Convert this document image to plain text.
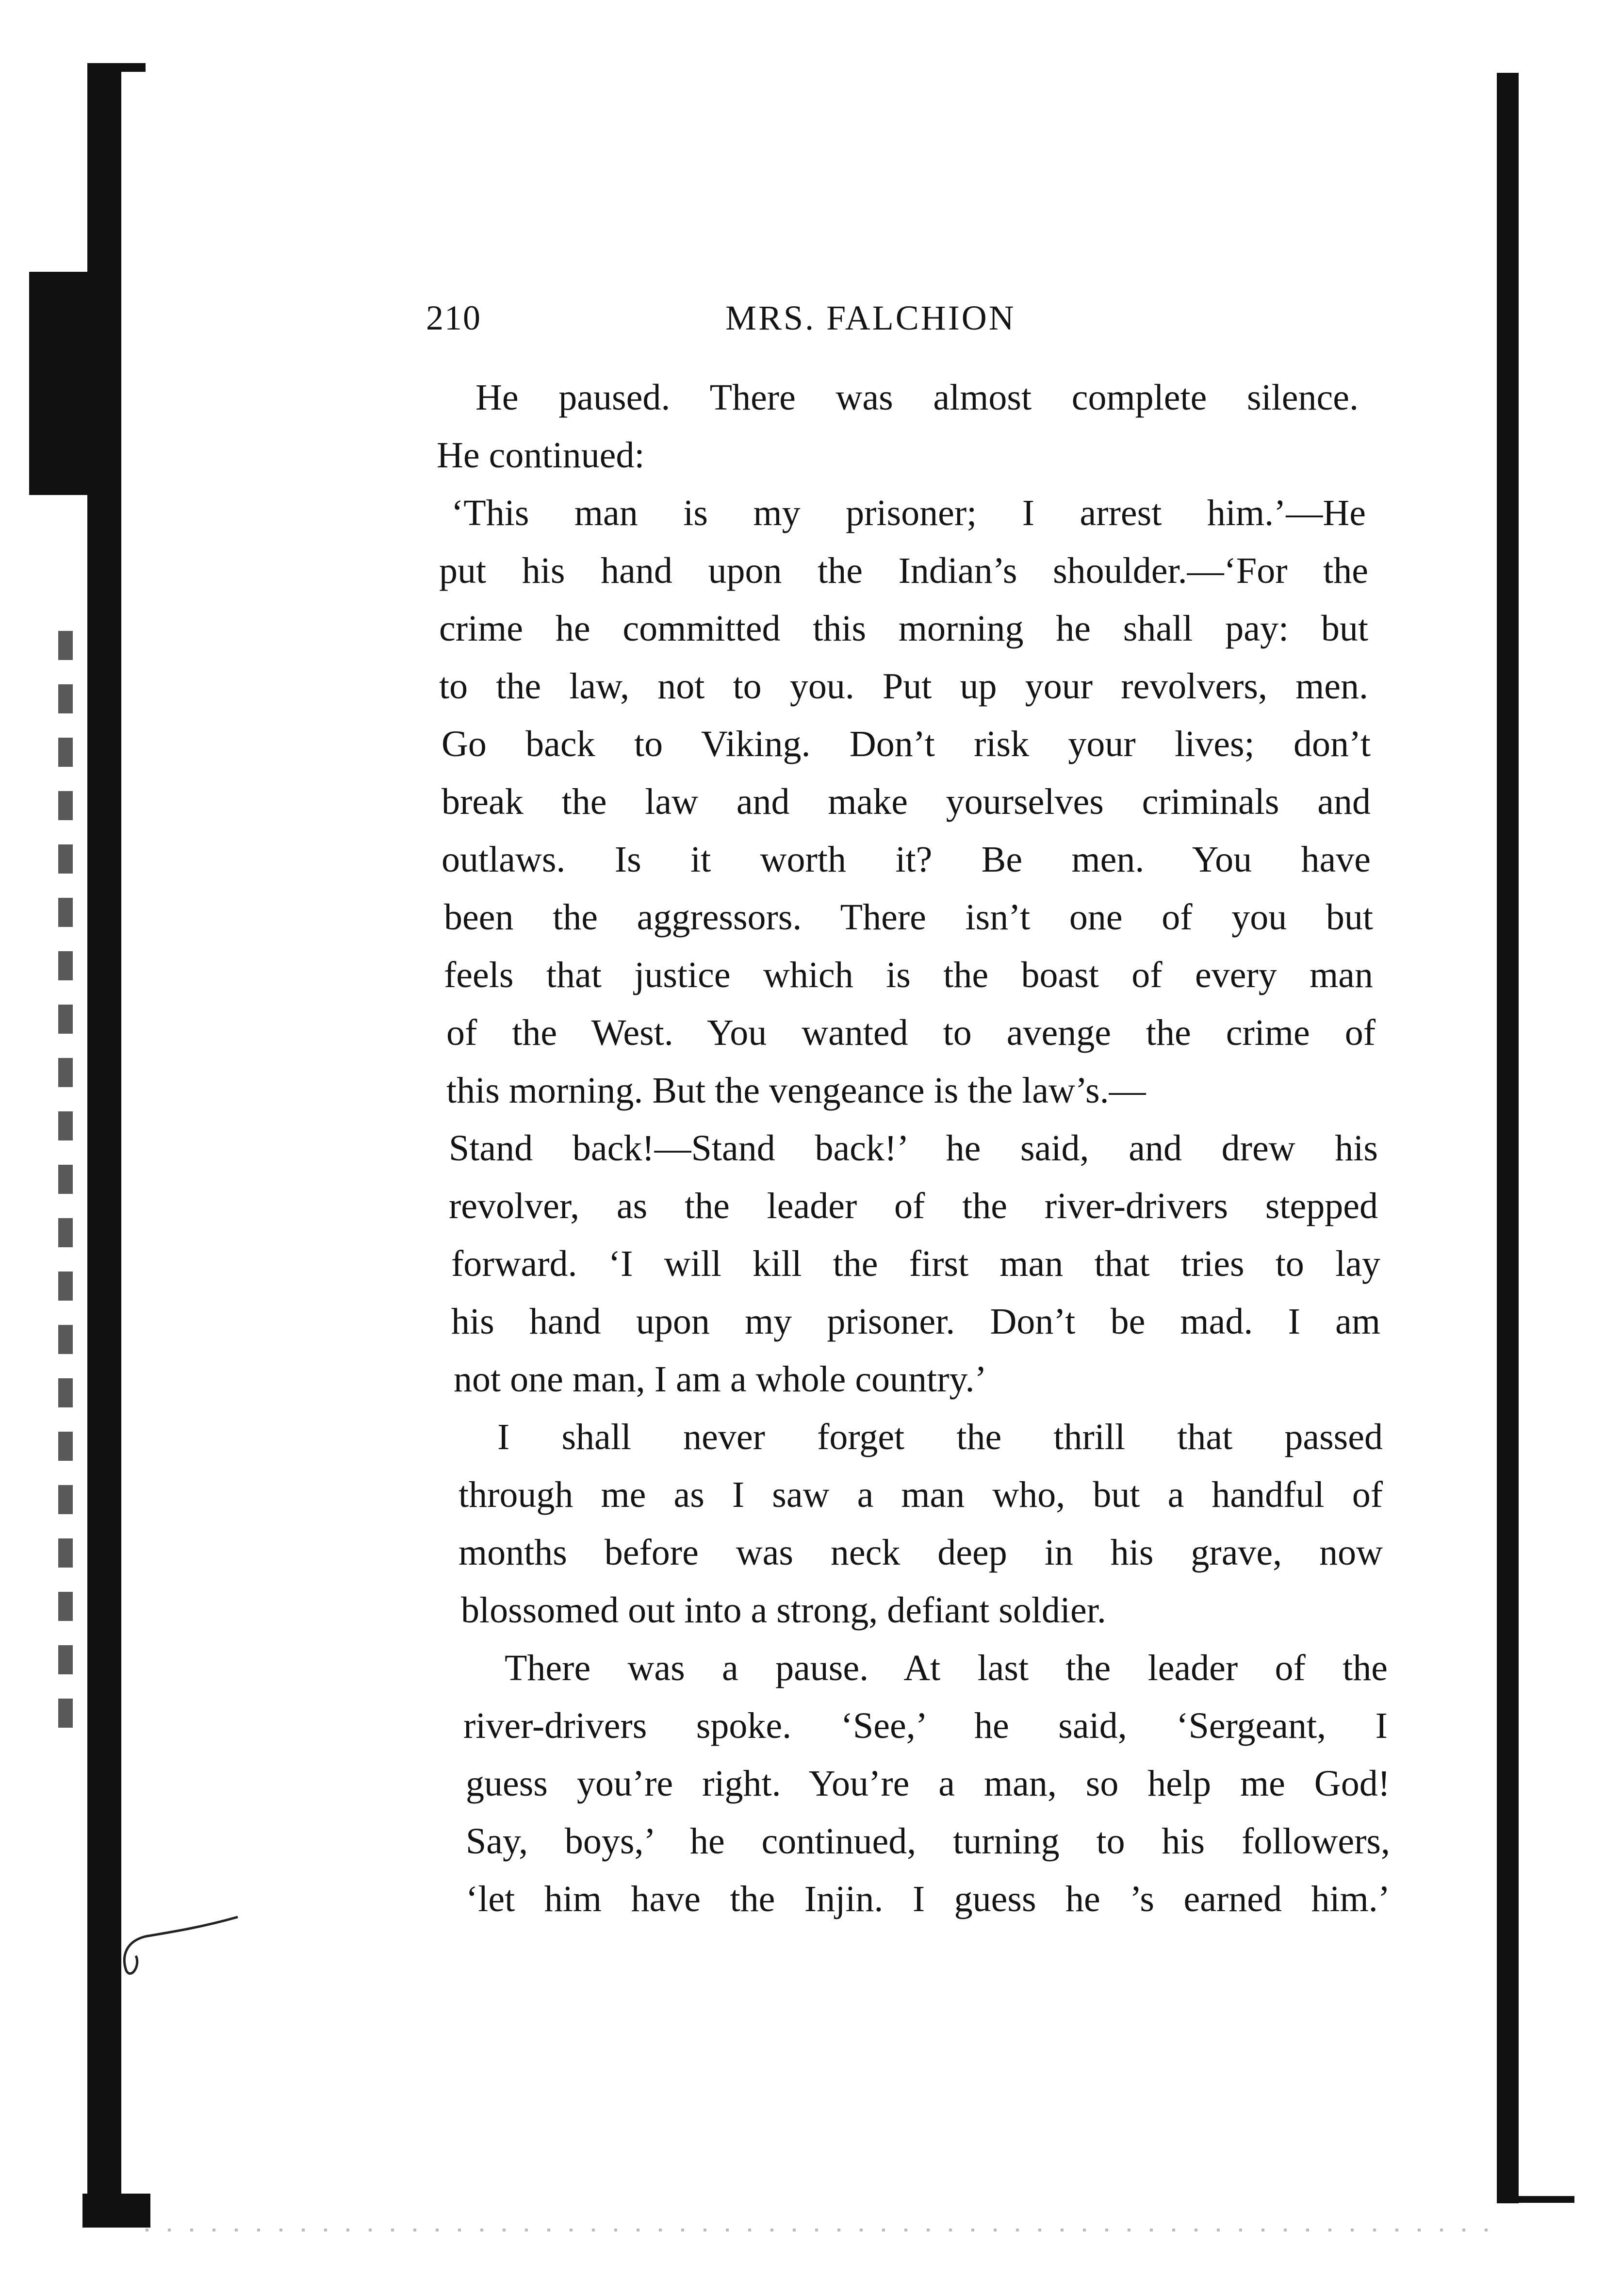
210	MRS. FALCHION
He paused. There was almost complete silence.
He continued:
‘This man is my prisoner; I arrest him.’—He
put his hand upon the Indian’s shoulder.—‘For the
crime he committed this morning he shall pay: but
to the law, not to you. Put up your revolvers, men.
Go back to Viking. Don’t risk your lives; don’t
break the law and make yourselves criminals and
outlaws. Is it worth it? Be men. You have
been the aggressors. There isn’t one of you but
feels that justice which is the boast of every man
of the West. You wanted to avenge the crime of
this morning. But the vengeance is the law’s.—
Stand back!—Stand back!’ he said, and drew his
revolver, as the leader of the river-drivers stepped
forward. ‘I will kill the first man that tries to lay
his hand upon my prisoner. Don’t be mad. I am
not one man, I am a whole country.’
I shall never forget the thrill that passed
through me as I saw a man who, but a handful of
months before was neck deep in his grave, now
blossomed out into a strong, defiant soldier.
There was a pause. At last the leader of the
river-drivers spoke. ‘See,’ he said, ‘Sergeant, I
guess you’re right. You’re a man, so help me God!
Say, boys,’ he continued, turning to his followers,
‘let him have the Injin. I guess he ’s earned him.’
